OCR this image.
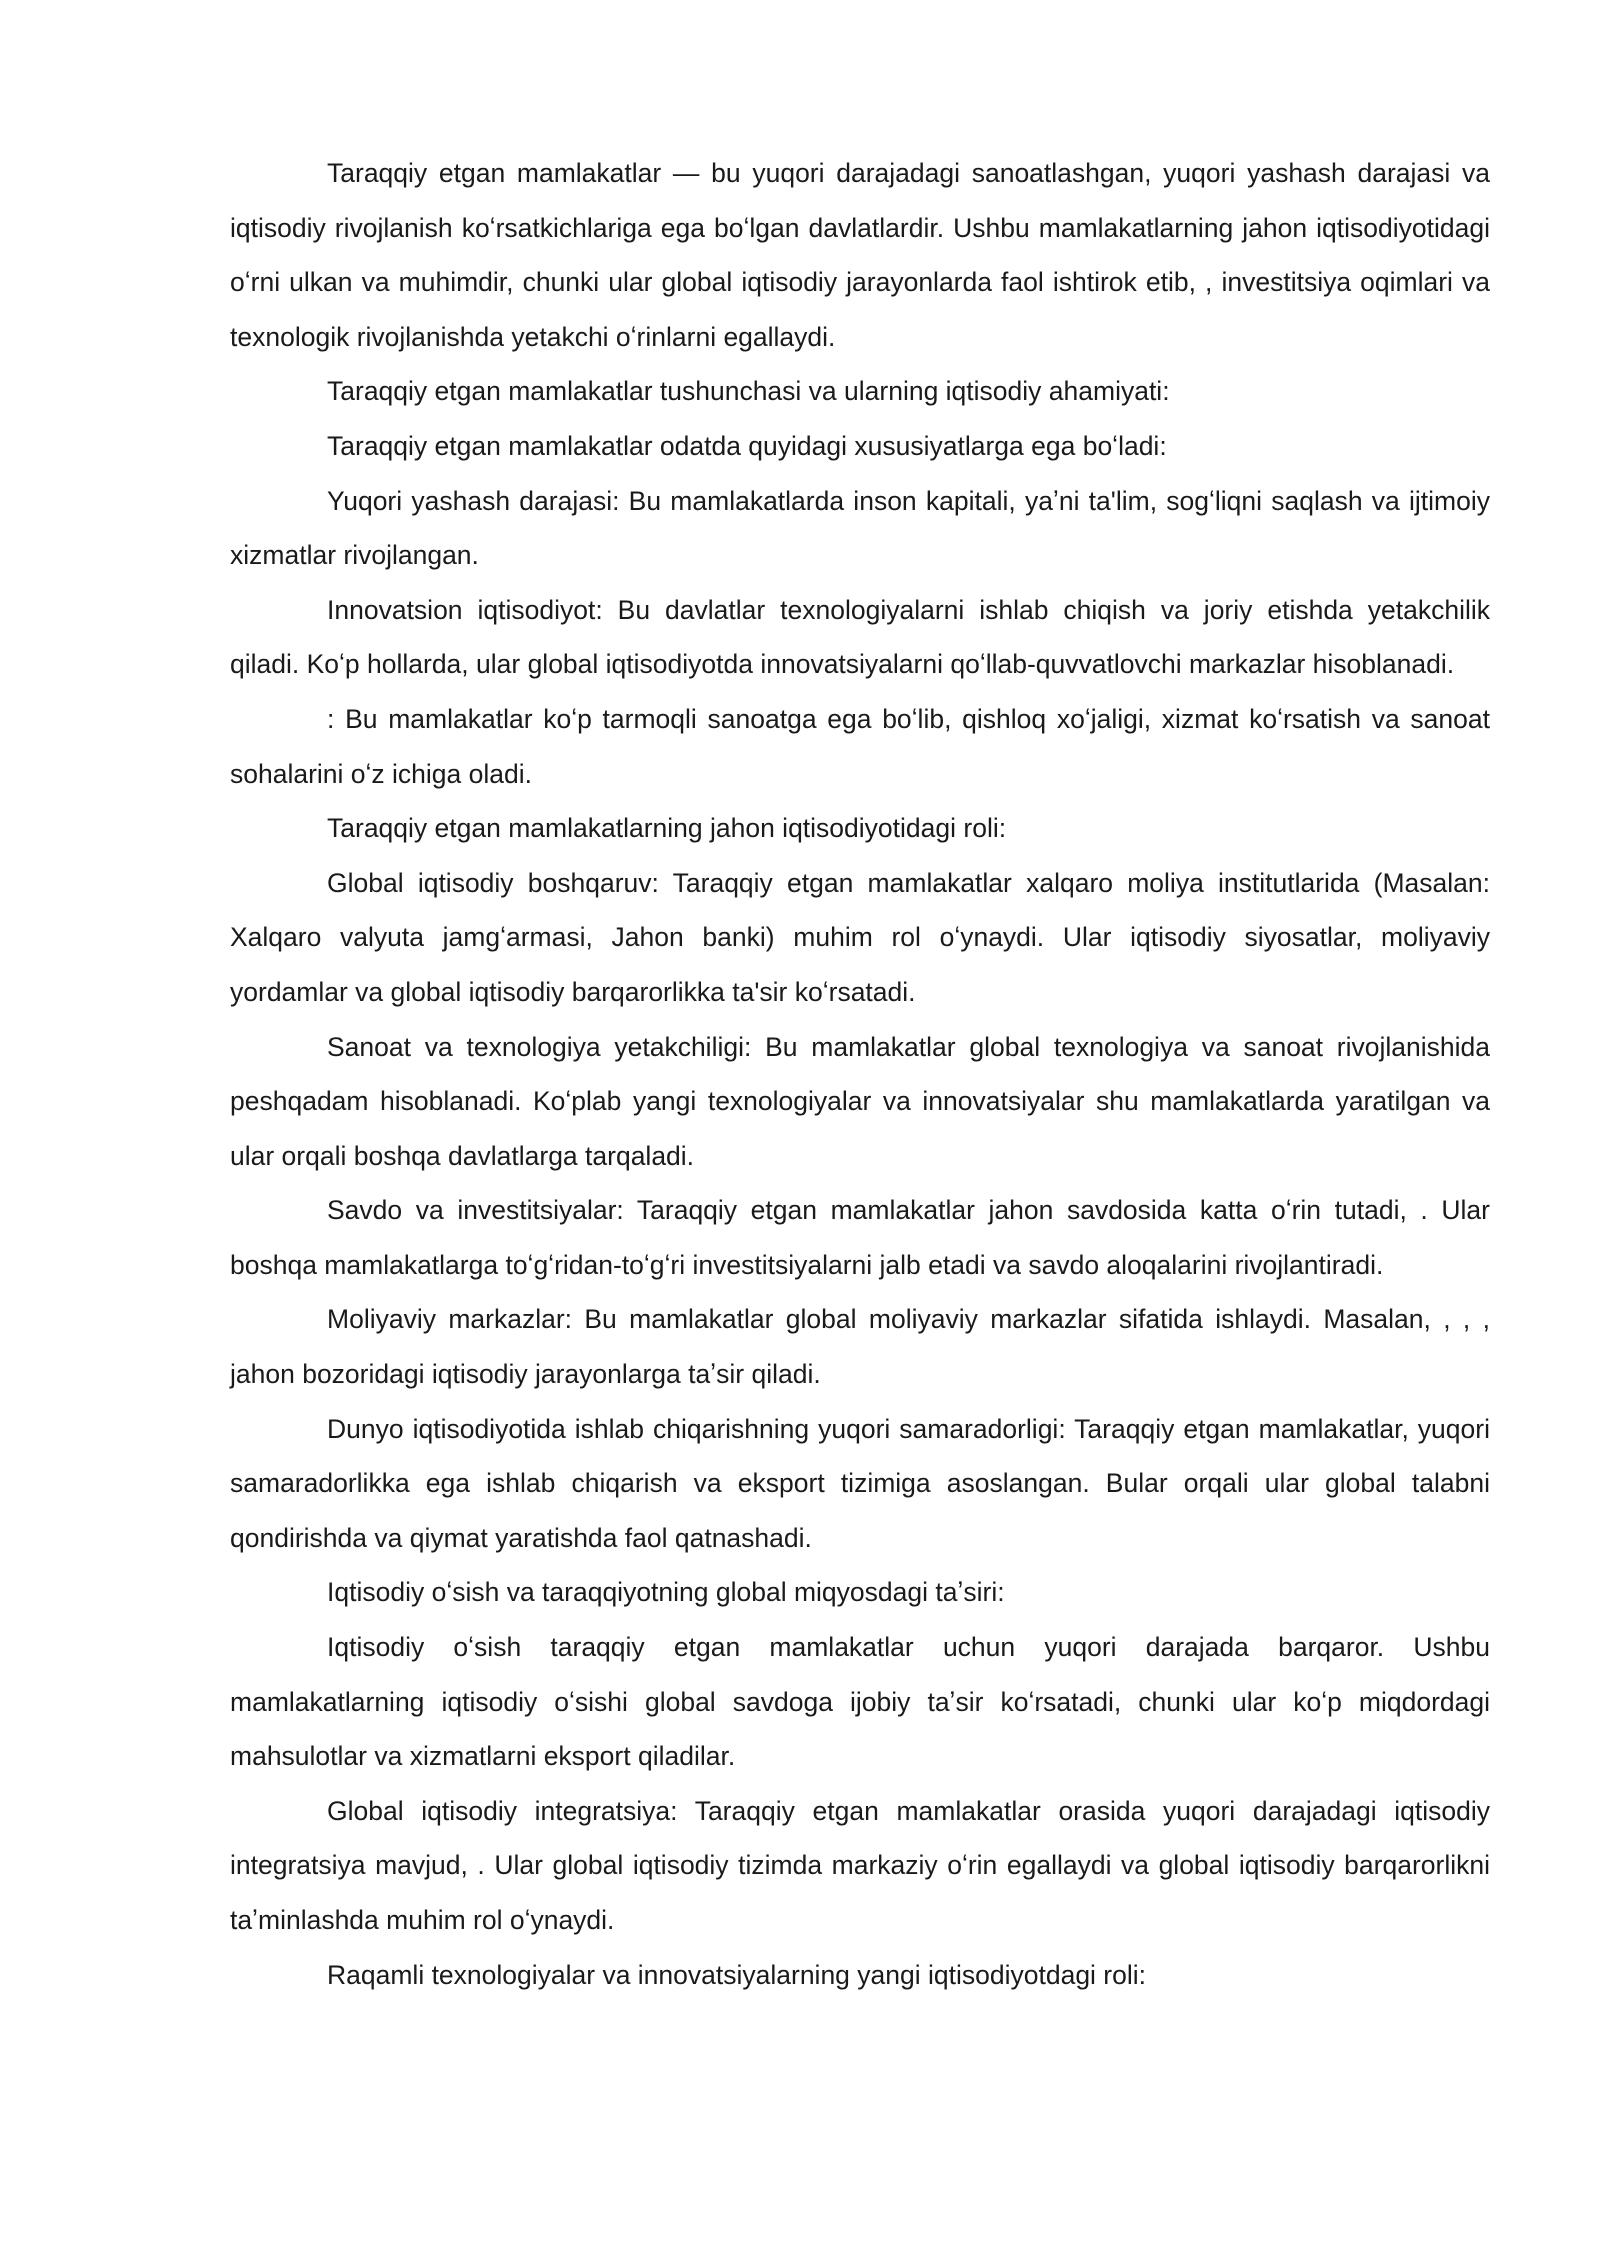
Taraqqiy etgan mamlakatlar — bu yuqori darajadagi sanoatlashgan, yuqori yashash darajasi va iqtisodiy rivojlanish koʻrsatkichlariga ega boʻlgan davlatlardir. Ushbu mamlakatlarning jahon iqtisodiyotidagi oʻrni ulkan va muhimdir, chunki ular global iqtisodiy jarayonlarda faol ishtirok etib, , investitsiya oqimlari va texnologik rivojlanishda yetakchi oʻrinlarni egallaydi.

Taraqqiy etgan mamlakatlar tushunchasi va ularning iqtisodiy ahamiyati:

Taraqqiy etgan mamlakatlar odatda quyidagi xususiyatlarga ega boʻladi:

Yuqori yashash darajasi: Bu mamlakatlarda inson kapitali, yaʼni ta'lim, sogʻliqni saqlash va ijtimoiy xizmatlar rivojlangan.

Innovatsion iqtisodiyot: Bu davlatlar texnologiyalarni ishlab chiqish va joriy etishda yetakchilik qiladi. Koʻp hollarda, ular global iqtisodiyotda innovatsiyalarni qoʻllab-quvvatlovchi markazlar hisoblanadi.

: Bu mamlakatlar koʻp tarmoqli sanoatga ega boʻlib, qishloq xoʻjaligi, xizmat koʻrsatish va sanoat sohalarini oʻz ichiga oladi.

Taraqqiy etgan mamlakatlarning jahon iqtisodiyotidagi roli:

Global iqtisodiy boshqaruv: Taraqqiy etgan mamlakatlar xalqaro moliya institutlarida (Masalan: Xalqaro valyuta jamgʻarmasi, Jahon banki) muhim rol oʻynaydi. Ular iqtisodiy siyosatlar, moliyaviy yordamlar va global iqtisodiy barqarorlikka ta'sir koʻrsatadi.

Sanoat va texnologiya yetakchiligi: Bu mamlakatlar global texnologiya va sanoat rivojlanishida peshqadam hisoblanadi. Koʻplab yangi texnologiyalar va innovatsiyalar shu mamlakatlarda yaratilgan va ular orqali boshqa davlatlarga tarqaladi.

Savdo va investitsiyalar: Taraqqiy etgan mamlakatlar jahon savdosida katta oʻrin tutadi, . Ular boshqa mamlakatlarga toʻgʻridan-toʻgʻri investitsiyalarni jalb etadi va savdo aloqalarini rivojlantiradi.

Moliyaviy markazlar: Bu mamlakatlar global moliyaviy markazlar sifatida ishlaydi. Masalan, , , , jahon bozoridagi iqtisodiy jarayonlarga taʼsir qiladi.

Dunyo iqtisodiyotida ishlab chiqarishning yuqori samaradorligi: Taraqqiy etgan mamlakatlar, yuqori samaradorlikka ega ishlab chiqarish va eksport tizimiga asoslangan. Bular orqali ular global talabni qondirishda va qiymat yaratishda faol qatnashadi.

Iqtisodiy oʻsish va taraqqiyotning global miqyosdagi taʼsiri:

Iqtisodiy oʻsish taraqqiy etgan mamlakatlar uchun yuqori darajada barqaror. Ushbu mamlakatlarning iqtisodiy oʻsishi global savdoga ijobiy taʼsir koʻrsatadi, chunki ular koʻp miqdordagi mahsulotlar va xizmatlarni eksport qiladilar.

Global iqtisodiy integratsiya: Taraqqiy etgan mamlakatlar orasida yuqori darajadagi iqtisodiy integratsiya mavjud, . Ular global iqtisodiy tizimda markaziy oʻrin egallaydi va global iqtisodiy barqarorlikni taʼminlashda muhim rol oʻynaydi.

Raqamli texnologiyalar va innovatsiyalarning yangi iqtisodiyotdagi roli:
